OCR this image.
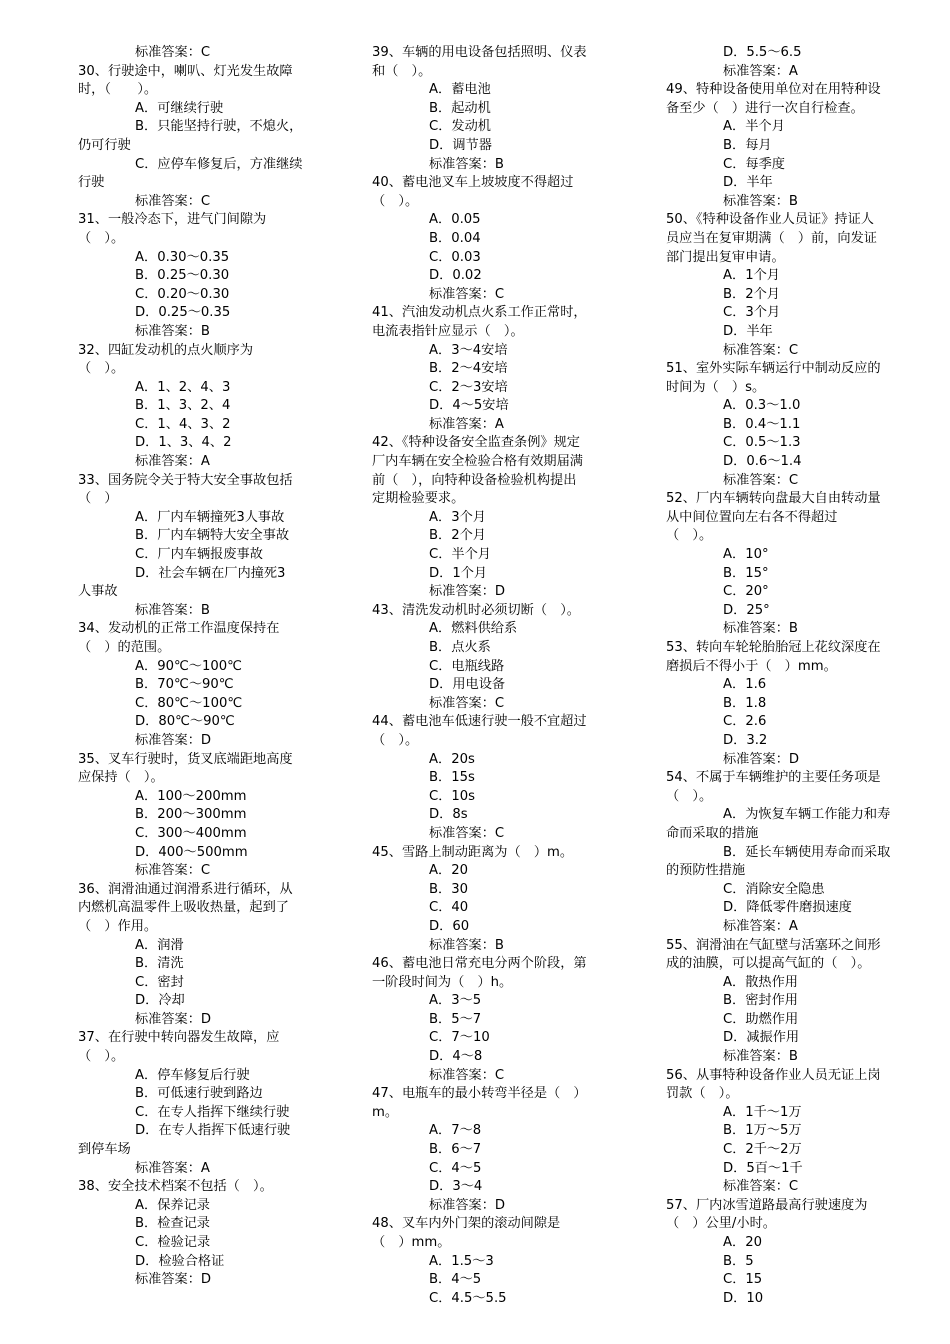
标准答案：C
30、行驶途中，喇叭、灯光发生故障
时，（　　）。
A．可继续行驶
B．只能坚持行驶，不熄火，
仍可行驶
C．应停车修复后，方准继续
行驶
标准答案：C
31、一般冷态下，进气门间隙为
（　）。
A．0.30～0.35
B．0.25～0.30
C．0.20～0.30
D．0.25～0.35
标准答案：B
32、四缸发动机的点火顺序为
（　）。
A．1、2、4、3
B．1、3、2、4
C．1、4、3、2
D．1、3、4、2
标准答案：A
33、国务院令关于特大安全事故包括
（　）
A．厂内车辆撞死3人事故
B．厂内车辆特大安全事故
C．厂内车辆报废事故
D．社会车辆在厂内撞死3
人事故
标准答案：B
34、发动机的正常工作温度保持在
（　）的范围。
A．90℃～100℃
B．70℃～90℃
C．80℃～100℃
D．80℃～90℃
标准答案：D
35、叉车行驶时，货叉底端距地高度
应保持（　）。
A．100～200mm
B．200～300mm
C．300～400mm
D．400～500mm
标准答案：C
36、润滑油通过润滑系进行循环，从
内燃机高温零件上吸收热量，起到了
（　）作用。
A．润滑
B．清洗
C．密封
D．冷却
标准答案：D
37、在行驶中转向器发生故障，应
（　）。
A．停车修复后行驶
B．可低速行驶到路边
C．在专人指挥下继续行驶
D．在专人指挥下低速行驶
到停车场
标准答案：A
38、安全技术档案不包括（　）。
A．保养记录
B．检查记录
C．检验记录
D．检验合格证
标准答案：D
39、车辆的用电设备包括照明、仪表
和（　）。
A．蓄电池
B．起动机
C．发动机
D．调节器
标准答案：B
40、蓄电池叉车上坡坡度不得超过
（　）。
A．0.05
B．0.04
C．0.03
D．0.02
标准答案：C
41、汽油发动机点火系工作正常时，
电流表指针应显示（　）。
A．3～4安培
B．2～4安培
C．2～3安培
D．4～5安培
标准答案：A
42、《特种设备安全监查条例》规定
厂内车辆在安全检验合格有效期届满
前（　），向特种设备检验机构提出
定期检验要求。
A．3个月
B．2个月
C．半个月
D．1个月
标准答案：D
43、清洗发动机时必须切断（　）。
A．燃料供给系
B．点火系
C．电瓶线路
D．用电设备
标准答案：C
44、蓄电池车低速行驶一般不宜超过
（　）。
A．20s
B．15s
C．10s
D．8s
标准答案：C
45、雪路上制动距离为（　）m。
A．20
B．30
C．40
D．60
标准答案：B
46、蓄电池日常充电分两个阶段，第
一阶段时间为（　）h。
A．3～5
B．5～7
C．7～10
D．4～8
标准答案：C
47、电瓶车的最小转弯半径是（　）
m。
A．7～8
B．6～7
C．4～5
D．3～4
标准答案：D
48、叉车内外门架的滚动间隙是
（　）mm。
A．1.5～3
B．4～5
C．4.5～5.5
D．5.5～6.5
标准答案：A
49、特种设备使用单位对在用特种设
备至少（　）进行一次自行检查。
A．半个月
B．每月
C．每季度
D．半年
标准答案：B
50、《特种设备作业人员证》持证人
员应当在复审期满（　）前，向发证
部门提出复审申请。
A．1个月
B．2个月
C．3个月
D．半年
标准答案：C
51、室外实际车辆运行中制动反应的
时间为（　）s。
A．0.3～1.0
B．0.4～1.1
C．0.5～1.3
D．0.6～1.4
标准答案：C
52、厂内车辆转向盘最大自由转动量
从中间位置向左右各不得超过
（　）。
A．10°
B．15°
C．20°
D．25°
标准答案：B
53、转向车轮轮胎胎冠上花纹深度在
磨损后不得小于（　）mm。
A．1.6
B．1.8
C．2.6
D．3.2
标准答案：D
54、不属于车辆维护的主要任务项是
（　）。
A．为恢复车辆工作能力和寿
命而采取的措施
B．延长车辆使用寿命而采取
的预防性措施
C．消除安全隐患
D．降低零件磨损速度
标准答案：A
55、润滑油在气缸壁与活塞环之间形
成的油膜，可以提高气缸的（　）。
A．散热作用
B．密封作用
C．助燃作用
D．减振作用
标准答案：B
56、从事特种设备作业人员无证上岗
罚款（　）。
A．1千～1万
B．1万～5万
C．2千～2万
D．5百～1千
标准答案：C
57、厂内冰雪道路最高行驶速度为
（　）公里/小时。
A．20
B．5
C．15
D．10
